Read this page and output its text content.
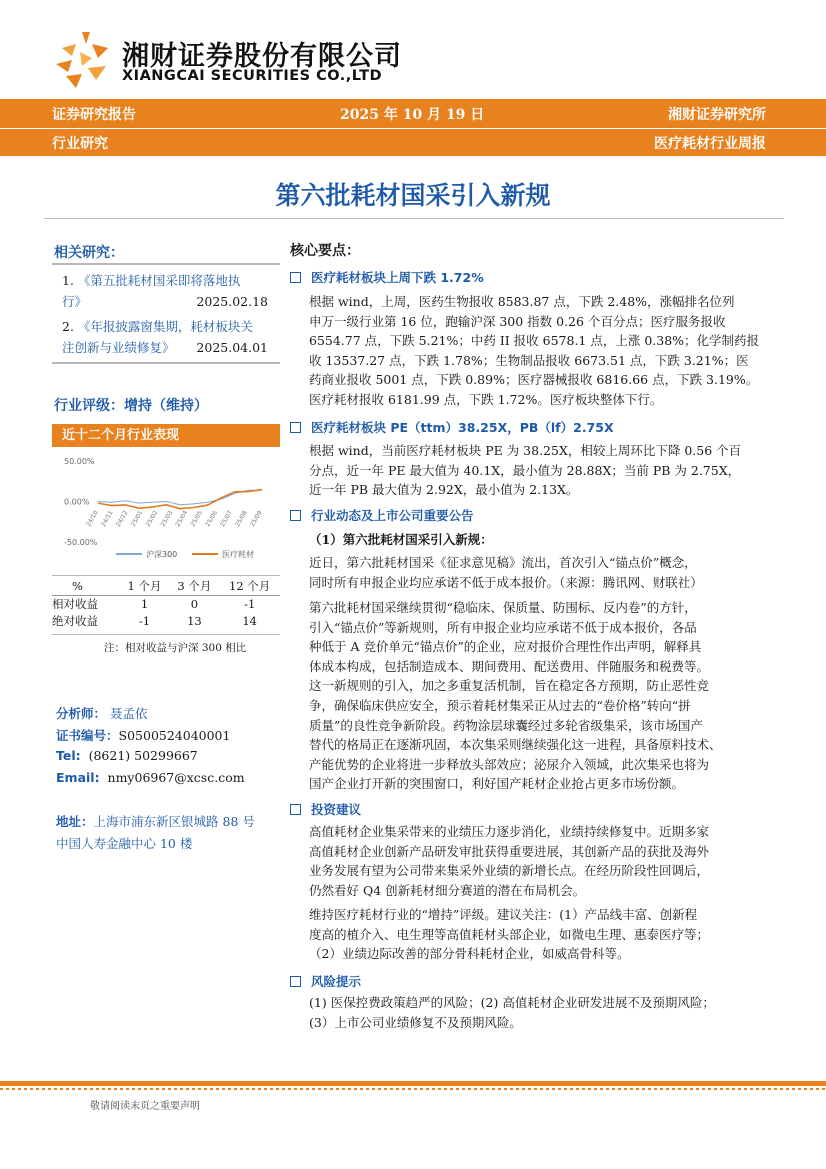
湘财证券股份有限公司
XIANGCAI SECURITIES CO.,LTD
证券研究报告	2025 年 10 月 19 日	湘财证券研究所
行业研究	医疗耗材行业周报
第六批耗材国采引入新规
相关研究：
1. 《第五批耗材国采即将落地执
行》	2025.02.18
2. 《年报披露窗集期，耗材板块关
注创新与业绩修复》 2025.04.01
行业评级：增持（维持）
近十二个月行业表现
50.00%
0.00%
-50.00%
24/10 24/11 24/12 25/01 25/02 25/03 25/04 25/05 25/06 25/07 25/08 25/09
沪深300	医疗耗材
%	1 个月	3 个月	12 个月
相对收益	1	0	-1
绝对收益	-1	13	14
注：相对收益与沪深 300 相比
分析师： 聂孟依
证书编号：S0500524040001
Tel: (8621) 50299667
Email: nmy06967@xcsc.com
地址：上海市浦东新区银城路 88 号
中国人寿金融中心 10 楼
核心要点：
医疗耗材板块上周下跌 1.72%
根据 wind，上周，医药生物报收 8583.87 点，下跌 2.48%，涨幅排名位列
申万一级行业第 16 位，跑输沪深 300 指数 0.26 个百分点；医疗服务报收
6554.77 点，下跌 5.21%；中药 II 报收 6578.1 点，上涨 0.38%；化学制药报
收 13537.27 点，下跌 1.78%；生物制品报收 6673.51 点，下跌 3.21%；医
药商业报收 5001 点，下跌 0.89%；医疗器械报收 6816.66 点，下跌 3.19%。
医疗耗材报收 6181.99 点，下跌 1.72%。医疗板块整体下行。
医疗耗材板块 PE（ttm）38.25X，PB（lf）2.75X
根据 wind，当前医疗耗材板块 PE 为 38.25X，相较上周环比下降 0.56 个百
分点，近一年 PE 最大值为 40.1X，最小值为 28.88X；当前 PB 为 2.75X，
近一年 PB 最大值为 2.92X，最小值为 2.13X。
行业动态及上市公司重要公告
（1）第六批耗材国采引入新规：
近日，第六批耗材国采《征求意见稿》流出，首次引入“锚点价”概念，
同时所有申报企业均应承诺不低于成本报价。（来源：腾讯网、财联社）
第六批耗材国采继续贯彻“稳临床、保质量、防围标、反内卷”的方针，
引入“锚点价”等新规则，所有申报企业均应承诺不低于成本报价，各品
种低于 A 竞价单元“锚点价”的企业，应对报价合理性作出声明，解释具
体成本构成，包括制造成本、期间费用、配送费用、伴随服务和税费等。
这一新规则的引入，加之多重复活机制，旨在稳定各方预期，防止恶性竞
争，确保临床供应安全，预示着耗材集采正从过去的“卷价格”转向“拼
质量”的良性竞争新阶段。药物涂层球囊经过多轮省级集采，该市场国产
替代的格局正在逐渐巩固，本次集采则继续强化这一进程，具备原料技术、
产能优势的企业将进一步释放头部效应；泌尿介入领域，此次集采也将为
国产企业打开新的突围窗口，利好国产耗材企业抢占更多市场份额。
投资建议
高值耗材企业集采带来的业绩压力逐步消化，业绩持续修复中。近期多家
高值耗材企业创新产品研发审批获得重要进展，其创新产品的获批及海外
业务发展有望为公司带来集采外业绩的新增长点。在经历阶段性回调后，
仍然看好 Q4 创新耗材细分赛道的潜在布局机会。
维持医疗耗材行业的“增持”评级。建议关注：(1）产品线丰富、创新程
度高的植介入、电生理等高值耗材头部企业，如微电生理、惠泰医疗等；
（2）业绩边际改善的部分骨科耗材企业，如威高骨科等。
风险提示
(1) 医保控费政策趋严的风险；(2) 高值耗材企业研发进展不及预期风险；
(3）上市公司业绩修复不及预期风险。
敬请阅读末页之重要声明
